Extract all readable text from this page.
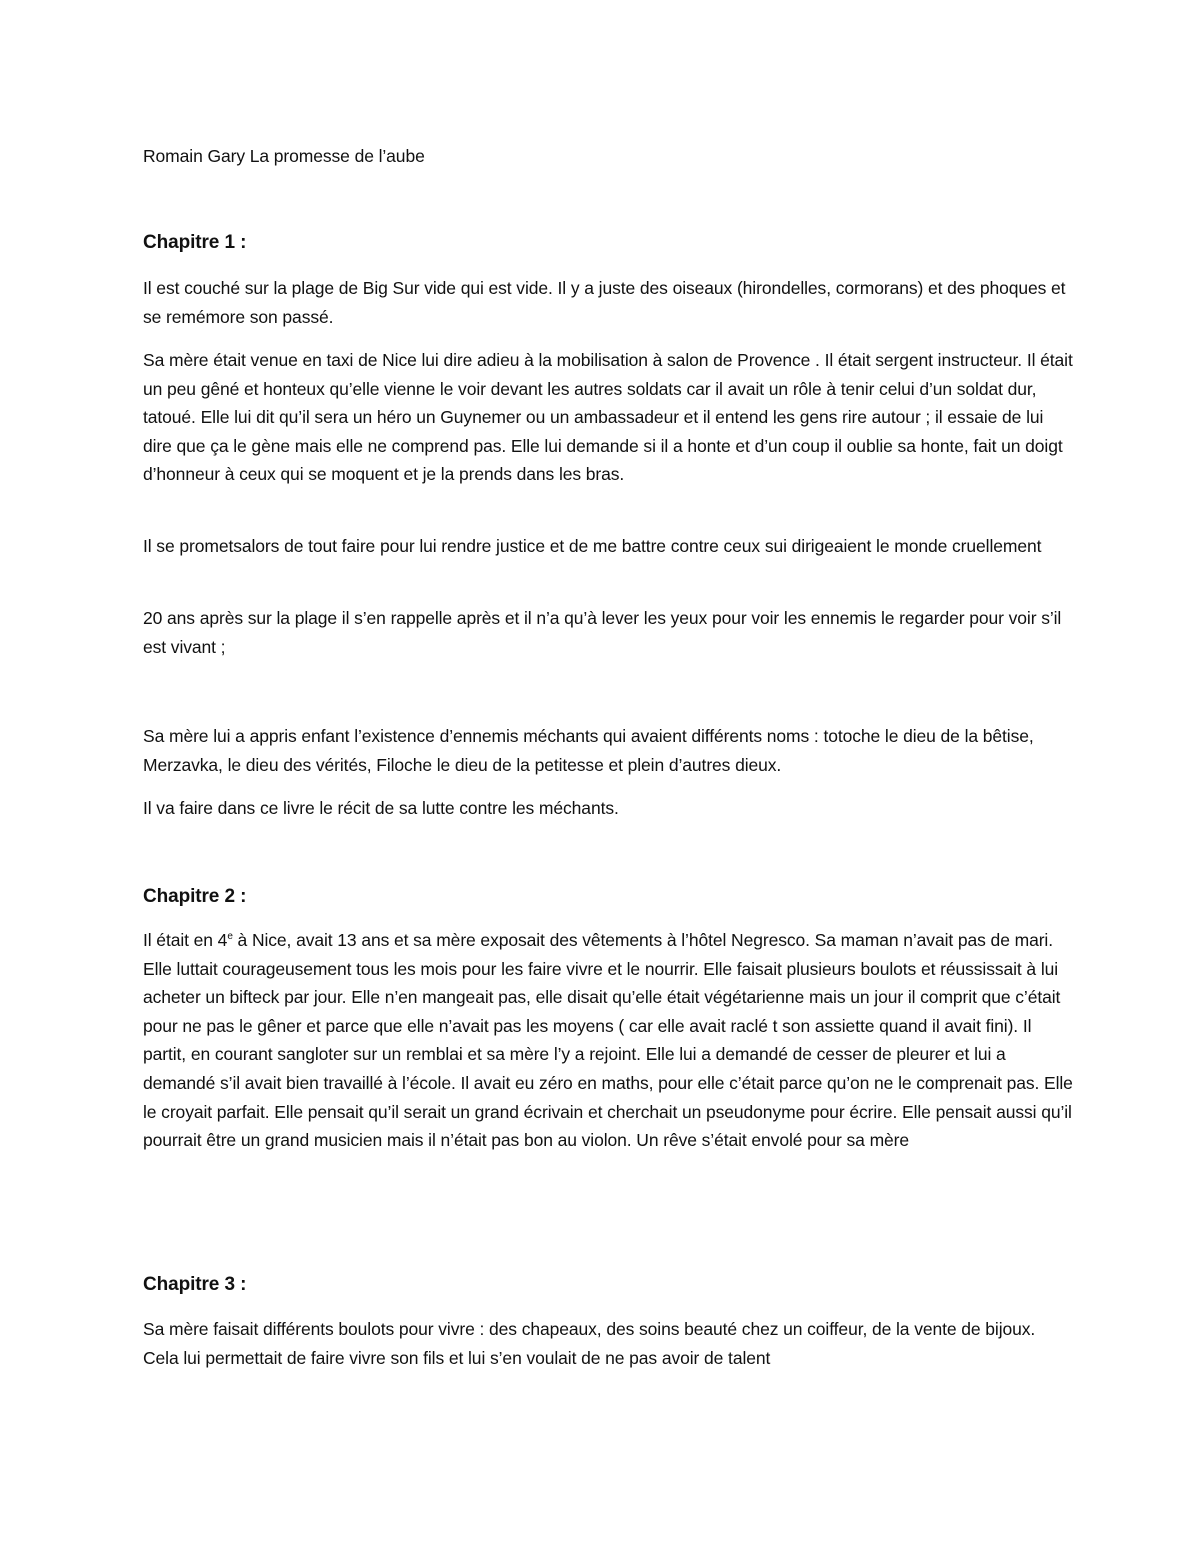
Romain Gary La promesse de l’aube

Chapitre 1 :

Il est couché sur la plage de Big Sur vide qui est vide. Il y a juste des oiseaux (hirondelles, cormorans) et des phoques et se remémore son passé.

Sa mère était venue en taxi de Nice lui dire adieu à la mobilisation à salon de Provence . Il était sergent instructeur. Il était un peu gêné et honteux qu’elle vienne le voir devant les autres soldats car il avait un rôle à tenir celui d’un soldat dur, tatoué. Elle lui dit qu’il sera un héro un Guynemer ou un ambassadeur et il entend les gens rire autour ; il essaie de lui dire que ça le gène mais elle ne comprend pas. Elle lui demande si il a honte et d’un coup il oublie sa honte, fait un doigt d’honneur à ceux qui se moquent et je la prends dans les bras.

Il se prometsalors de tout faire pour lui rendre justice et de me battre contre ceux sui dirigeaient le monde cruellement

20 ans après sur la plage il s’en rappelle après et il n’a qu’à lever les yeux pour voir les ennemis le regarder pour voir s’il est vivant ;

Sa mère lui a appris enfant l’existence d’ennemis méchants qui avaient différents noms : totoche le dieu de la bêtise, Merzavka, le dieu des vérités, Filoche le dieu de la petitesse et plein d’autres dieux.

Il va faire dans ce livre le récit de sa lutte contre les méchants.

Chapitre 2 :

Il était en 4e à Nice, avait 13 ans et sa mère exposait des vêtements à l’hôtel Negresco. Sa maman n’avait pas de mari. Elle luttait courageusement tous les mois pour les faire vivre et le nourrir. Elle faisait plusieurs boulots et réussissait à lui acheter un bifteck par jour. Elle n’en mangeait pas, elle disait qu’elle était végétarienne mais un jour il comprit que c’était pour ne pas le gêner et parce que elle n’avait pas les moyens ( car elle avait raclé t son assiette quand il avait fini). Il partit, en courant sangloter sur un remblai et sa mère l’y a rejoint. Elle lui a demandé de cesser de pleurer et lui a demandé s’il avait bien travaillé à l’école. Il avait eu zéro en maths, pour elle c’était parce qu’on ne le comprenait pas. Elle le croyait parfait. Elle pensait qu’il serait un grand écrivain et cherchait un pseudonyme pour écrire. Elle pensait aussi qu’il pourrait être un grand musicien mais il n’était pas bon au violon. Un rêve s’était envolé pour sa mère

Chapitre 3 :

Sa mère faisait différents boulots pour vivre : des chapeaux, des soins beauté chez un coiffeur, de la vente de bijoux. Cela lui permettait de faire vivre son fils et lui s’en voulait de ne pas avoir de talent
